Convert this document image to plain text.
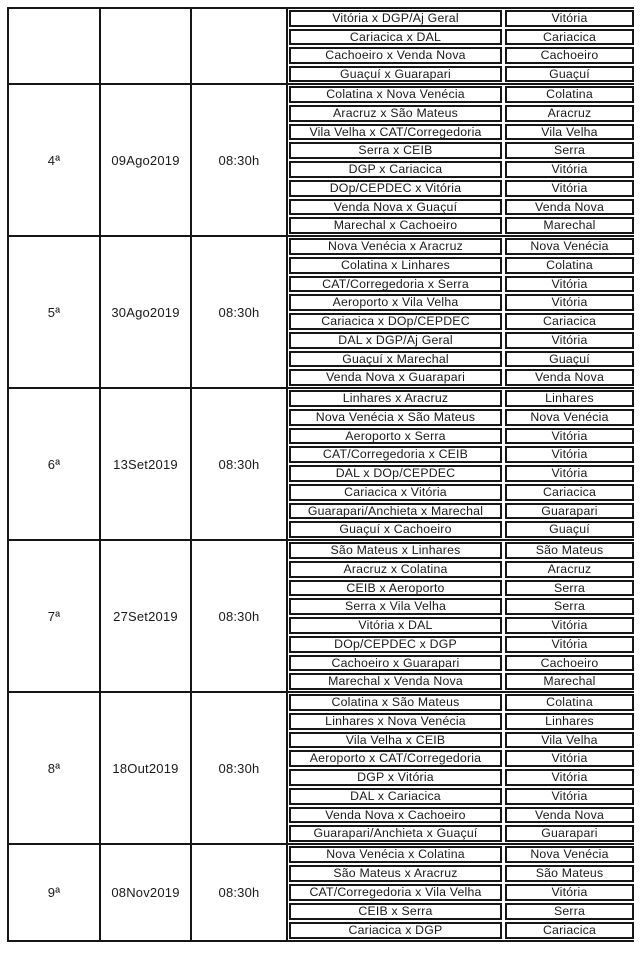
Vitória x DGP/Aj Geral	Vitória
Cariacica x DAL	Cariacica
Cachoeiro x Venda Nova	Cachoeiro
Guaçuí x Guarapari	Guaçuí
4ª	09Ago2019	08:30h
Colatina x Nova Venécia	Colatina
Aracruz x São Mateus	Aracruz
Vila Velha x CAT/Corregedoria	Vila Velha
Serra x CEIB	Serra
DGP x Cariacica	Vitória
DOp/CEPDEC x Vitória	Vitória
Venda Nova x Guaçuí	Venda Nova
Marechal x Cachoeiro	Marechal
5ª	30Ago2019	08:30h
Nova Venécia x Aracruz	Nova Venécia
Colatina x Linhares	Colatina
CAT/Corregedoria x Serra	Vitória
Aeroporto x Vila Velha	Vitória
Cariacica x DOp/CEPDEC	Cariacica
DAL x DGP/Aj Geral	Vitória
Guaçuí x Marechal	Guaçuí
Venda Nova x Guarapari	Venda Nova
6ª	13Set2019	08:30h
Linhares x Aracruz	Linhares
Nova Venécia x São Mateus	Nova Venécia
Aeroporto x Serra	Vitória
CAT/Corregedoria x CEIB	Vitória
DAL x DOp/CEPDEC	Vitória
Cariacica x Vitória	Cariacica
Guarapari/Anchieta x Marechal	Guarapari
Guaçuí x Cachoeiro	Guaçuí
7ª	27Set2019	08:30h
São Mateus x Linhares	São Mateus
Aracruz x Colatina	Aracruz
CEIB x Aeroporto	Serra
Serra x Vila Velha	Serra
Vitória x DAL	Vitória
DOp/CEPDEC x DGP	Vitória
Cachoeiro x Guarapari	Cachoeiro
Marechal x Venda Nova	Marechal
8ª	18Out2019	08:30h
Colatina x São Mateus	Colatina
Linhares x Nova Venécia	Linhares
Vila Velha x CEIB	Vila Velha
Aeroporto x CAT/Corregedoria	Vitória
DGP x Vitória	Vitória
DAL x Cariacica	Vitória
Venda Nova x Cachoeiro	Venda Nova
Guarapari/Anchieta x Guaçuí	Guarapari
9ª	08Nov2019	08:30h
Nova Venécia x Colatina	Nova Venécia
São Mateus x Aracruz	São Mateus
CAT/Corregedoria x Vila Velha	Vitória
CEIB x Serra	Serra
Cariacica x DGP	Cariacica
